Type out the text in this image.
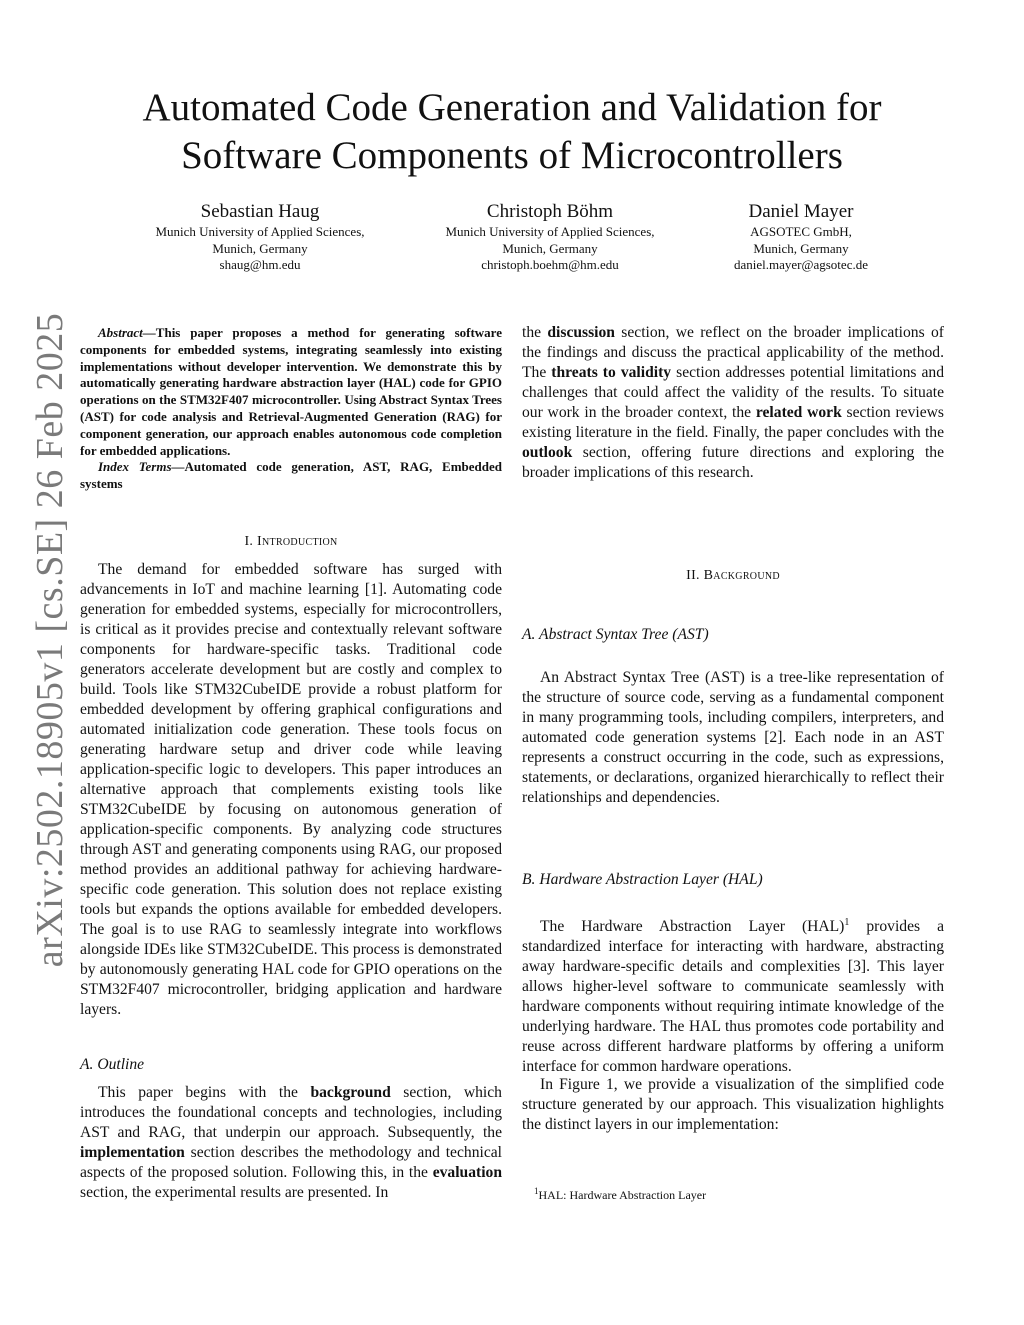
arXiv:2502.18905v1 [cs.SE] 26 Feb 2025
Automated Code Generation and Validation for
Software Components of Microcontrollers
Sebastian Haug
Munich University of Applied Sciences,
Munich, Germany
shaug@hm.edu
Christoph Böhm
Munich University of Applied Sciences,
Munich, Germany
christoph.boehm@hm.edu
Daniel Mayer
AGSOTEC GmbH,
Munich, Germany
daniel.mayer@agsotec.de

Abstract—This paper proposes a method for generating software components for embedded systems, integrating seamlessly into existing implementations without developer intervention. We demonstrate this by automatically generating hardware abstraction layer (HAL) code for GPIO operations on the STM32F407 microcontroller. Using Abstract Syntax Trees (AST) for code analysis and Retrieval-Augmented Generation (RAG) for component generation, our approach enables autonomous code completion for embedded applications.

Index Terms—Automated code generation, AST, RAG, Embedded systems

I. Introduction

The demand for embedded software has surged with advancements in IoT and machine learning [1]. Automating code generation for embedded systems, especially for microcontrollers, is critical as it provides precise and contextually relevant software components for hardware-specific tasks. Traditional code generators accelerate development but are costly and complex to build. Tools like STM32CubeIDE provide a robust platform for embedded development by offering graphical configurations and automated initialization code generation. These tools focus on generating hardware setup and driver code while leaving application-specific logic to developers. This paper introduces an alternative approach that complements existing tools like STM32CubeIDE by focusing on autonomous generation of application-specific components. By analyzing code structures through AST and generating components using RAG, our proposed method provides an additional pathway for achieving hardware-specific code generation. This solution does not replace existing tools but expands the options available for embedded developers. The goal is to use RAG to seamlessly integrate into workflows alongside IDEs like STM32CubeIDE. This process is demonstrated by autonomously generating HAL code for GPIO operations on the STM32F407 microcontroller, bridging application and hardware layers.

A. Outline

This paper begins with the background section, which introduces the foundational concepts and technologies, including AST and RAG, that underpin our approach. Subsequently, the implementation section describes the methodology and technical aspects of the proposed solution. Following this, in the evaluation section, the experimental results are presented. In

the discussion section, we reflect on the broader implications of the findings and discuss the practical applicability of the method. The threats to validity section addresses potential limitations and challenges that could affect the validity of the results. To situate our work in the broader context, the related work section reviews existing literature in the field. Finally, the paper concludes with the outlook section, offering future directions and exploring the broader implications of this research.

II. Background
A. Abstract Syntax Tree (AST)

An Abstract Syntax Tree (AST) is a tree-like representation of the structure of source code, serving as a fundamental component in many programming tools, including compilers, interpreters, and automated code generation systems [2]. Each node in an AST represents a construct occurring in the code, such as expressions, statements, or declarations, organized hierarchically to reflect their relationships and dependencies.

B. Hardware Abstraction Layer (HAL)

The Hardware Abstraction Layer (HAL)$^1$ provides a standardized interface for interacting with hardware, abstracting away hardware-specific details and complexities [3]. This layer allows higher-level software to communicate seamlessly with hardware components without requiring intimate knowledge of the underlying hardware. The HAL thus promotes code portability and reuse across different hardware platforms by offering a uniform interface for common hardware operations.

In Figure 1, we provide a visualization of the simplified code structure generated by our approach. This visualization highlights the distinct layers in our implementation:

$^1$HAL: Hardware Abstraction Layer
